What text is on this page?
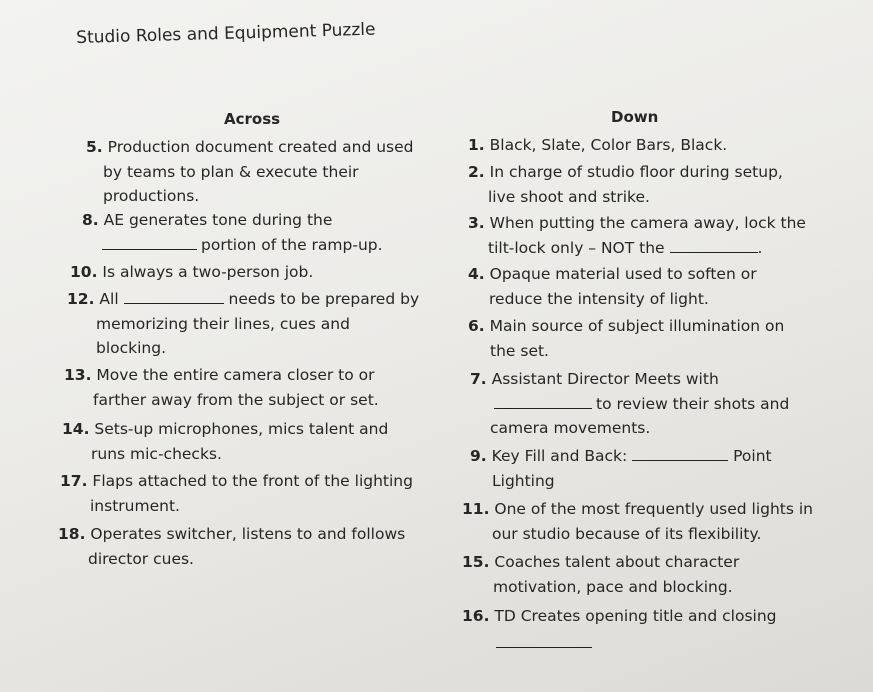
Studio Roles and Equipment Puzzle
Across	Down
5. Production document created and used
by teams to plan & execute their
productions.
8. AE generates tone during the
portion of the ramp-up.
10. Is always a two-person job.
12. All	needs to be prepared by
memorizing their lines, cues and
blocking.
13. Move the entire camera closer to or
farther away from the subject or set.
14. Sets-up microphones, mics talent and
runs mic-checks.
17. Flaps attached to the front of the lighting
instrument.
18. Operates switcher, listens to and follows
director cues.
1. Black, Slate, Color Bars, Black.
2. In charge of studio floor during setup,
live shoot and strike.
3. When putting the camera away, lock the
tilt-lock only – NOT the	.
4. Opaque material used to soften or
reduce the intensity of light.
6. Main source of subject illumination on
the set.
7. Assistant Director Meets with
to review their shots and
camera movements.
9. Key Fill and Back:	Point
Lighting
11. One of the most frequently used lights in
our studio because of its flexibility.
15. Coaches talent about character
motivation, pace and blocking.
16. TD Creates opening title and closing
